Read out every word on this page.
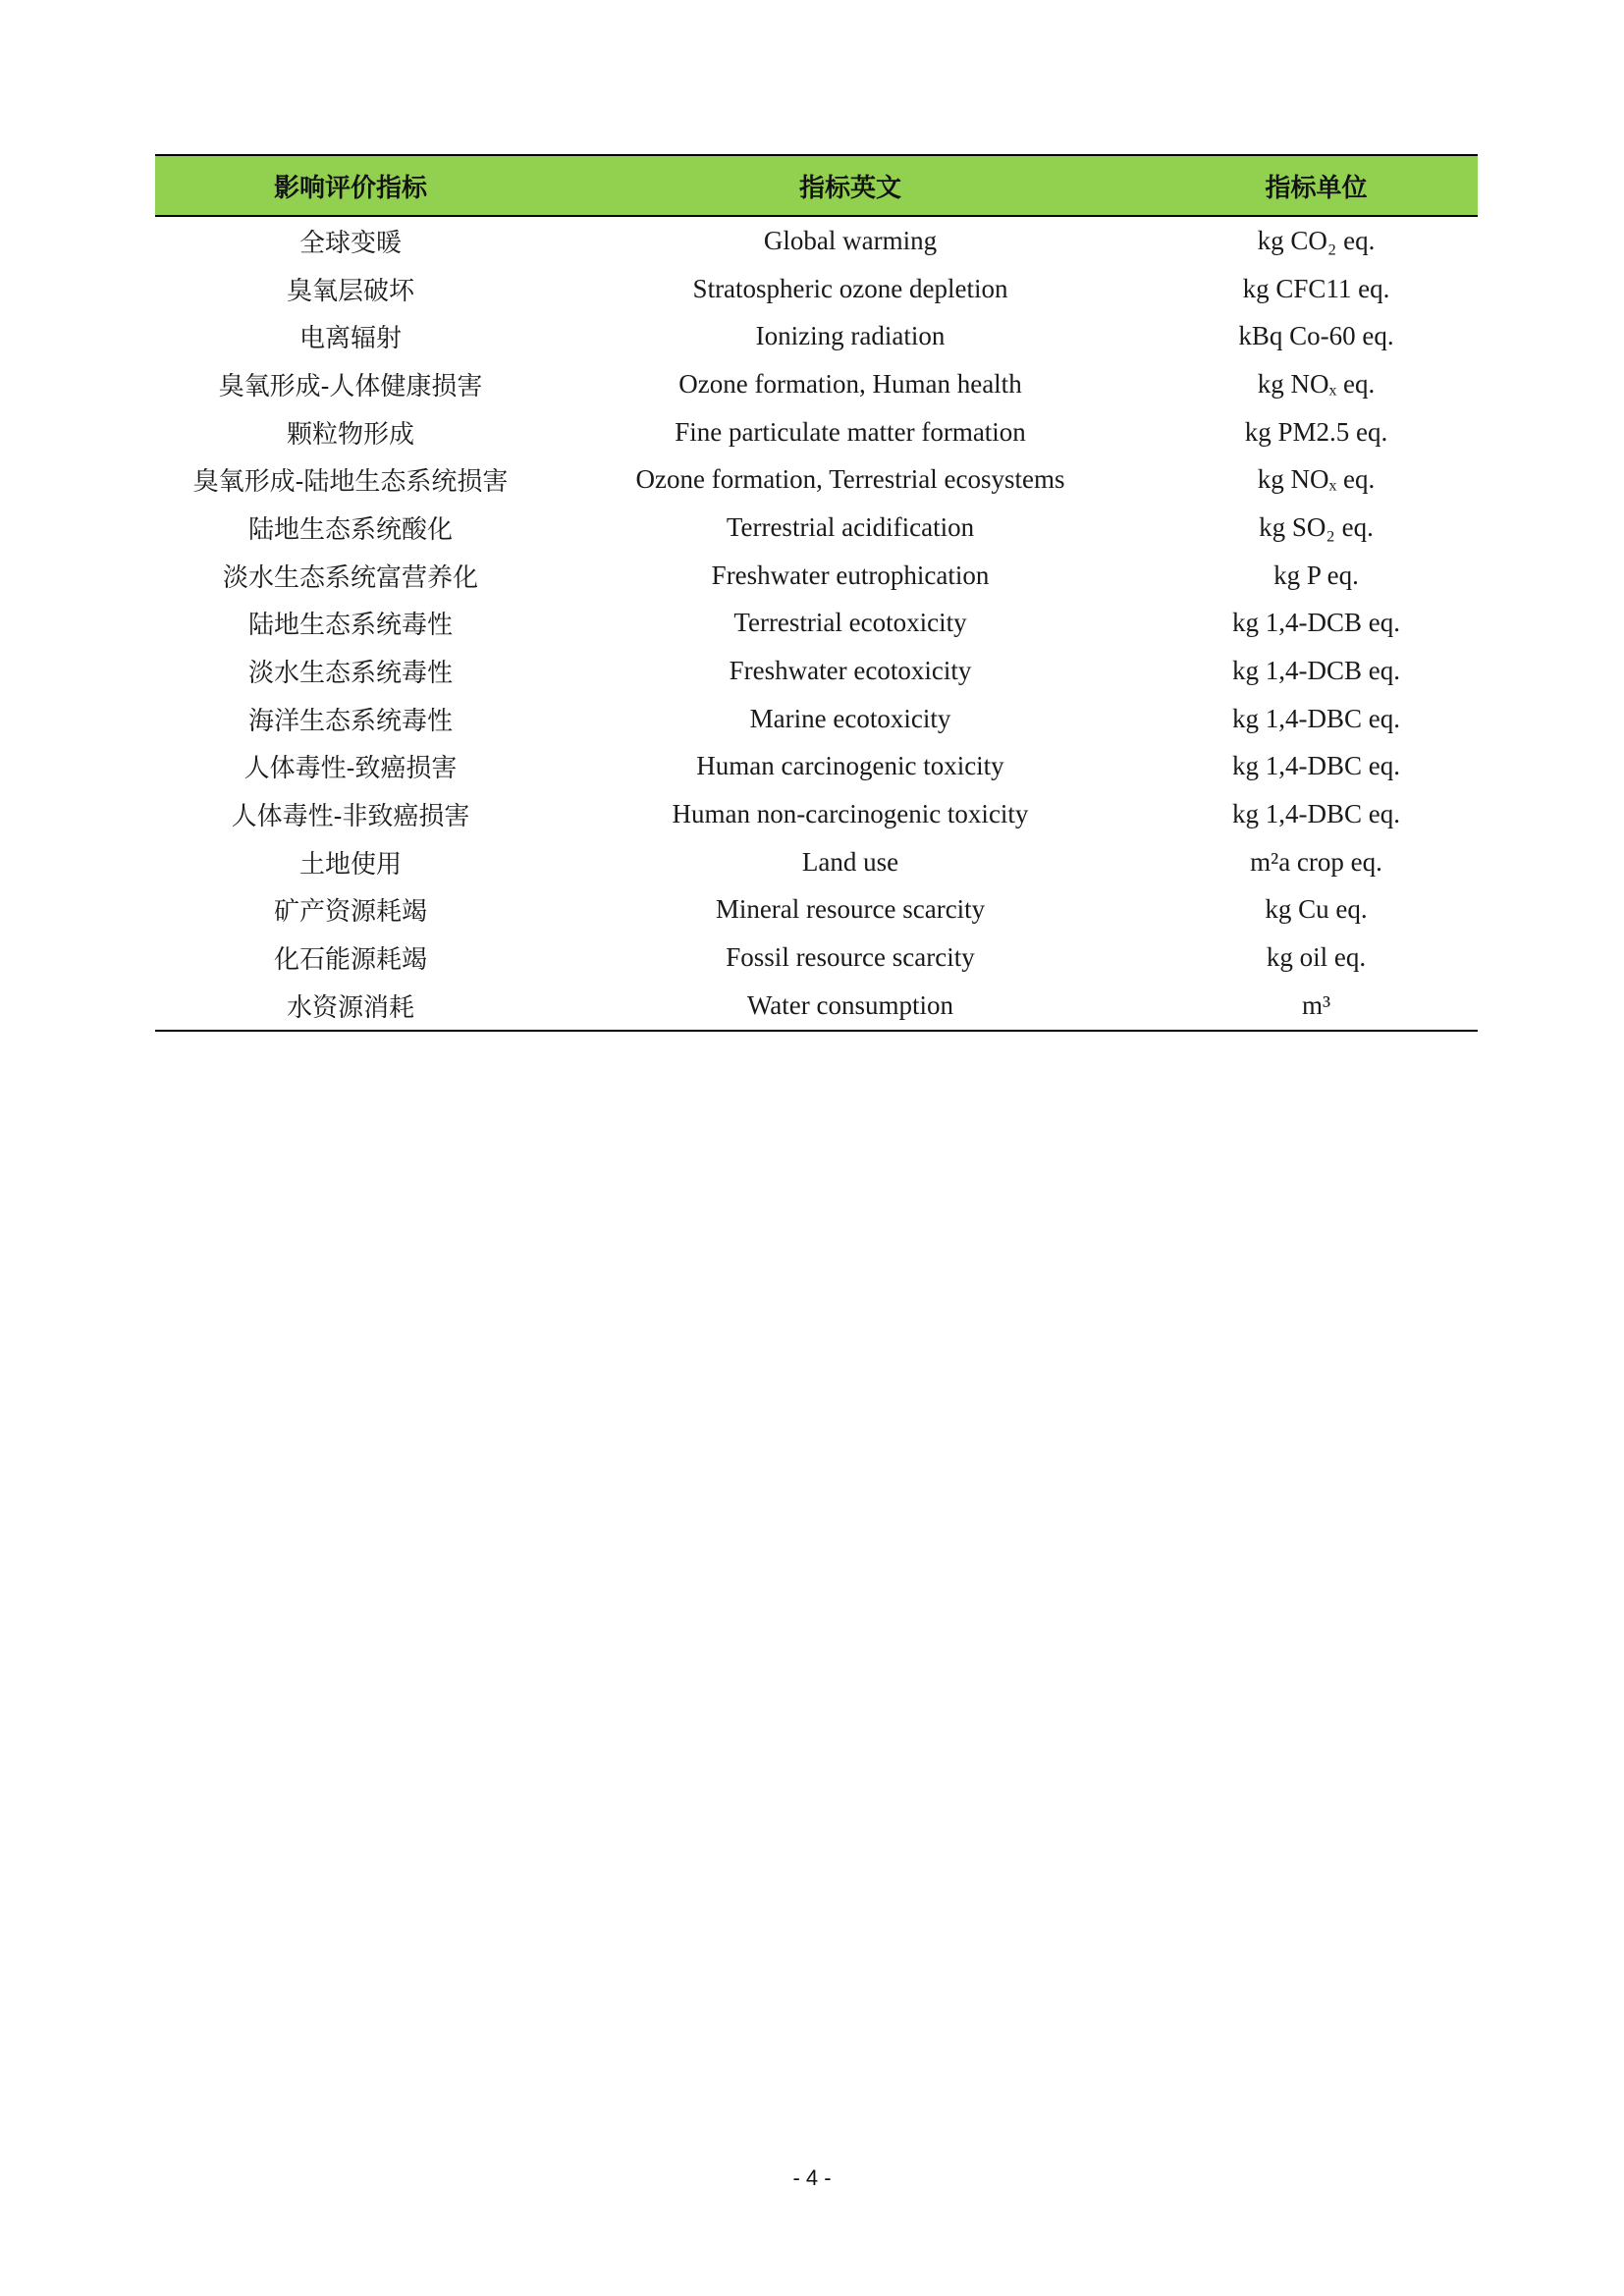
影响评价指标	指标英文	指标单位
全球变暖	Global warming	kg CO₂ eq.
臭氧层破坏	Stratospheric ozone depletion	kg CFC11 eq.
电离辐射	Ionizing radiation	kBq Co-60 eq.
臭氧形成-人体健康损害	Ozone formation, Human health	kg NOₓ eq.
颗粒物形成	Fine particulate matter formation	kg PM2.5 eq.
臭氧形成-陆地生态系统损害	Ozone formation, Terrestrial ecosystems	kg NOₓ eq.
陆地生态系统酸化	Terrestrial acidification	kg SO₂ eq.
淡水生态系统富营养化	Freshwater eutrophication	kg P eq.
陆地生态系统毒性	Terrestrial ecotoxicity	kg 1,4-DCB eq.
淡水生态系统毒性	Freshwater ecotoxicity	kg 1,4-DCB eq.
海洋生态系统毒性	Marine ecotoxicity	kg 1,4-DBC eq.
人体毒性-致癌损害	Human carcinogenic toxicity	kg 1,4-DBC eq.
人体毒性-非致癌损害	Human non-carcinogenic toxicity	kg 1,4-DBC eq.
土地使用	Land use	m²a crop eq.
矿产资源耗竭	Mineral resource scarcity	kg Cu eq.
化石能源耗竭	Fossil resource scarcity	kg oil eq.
水资源消耗	Water consumption	m³
- 4 -
